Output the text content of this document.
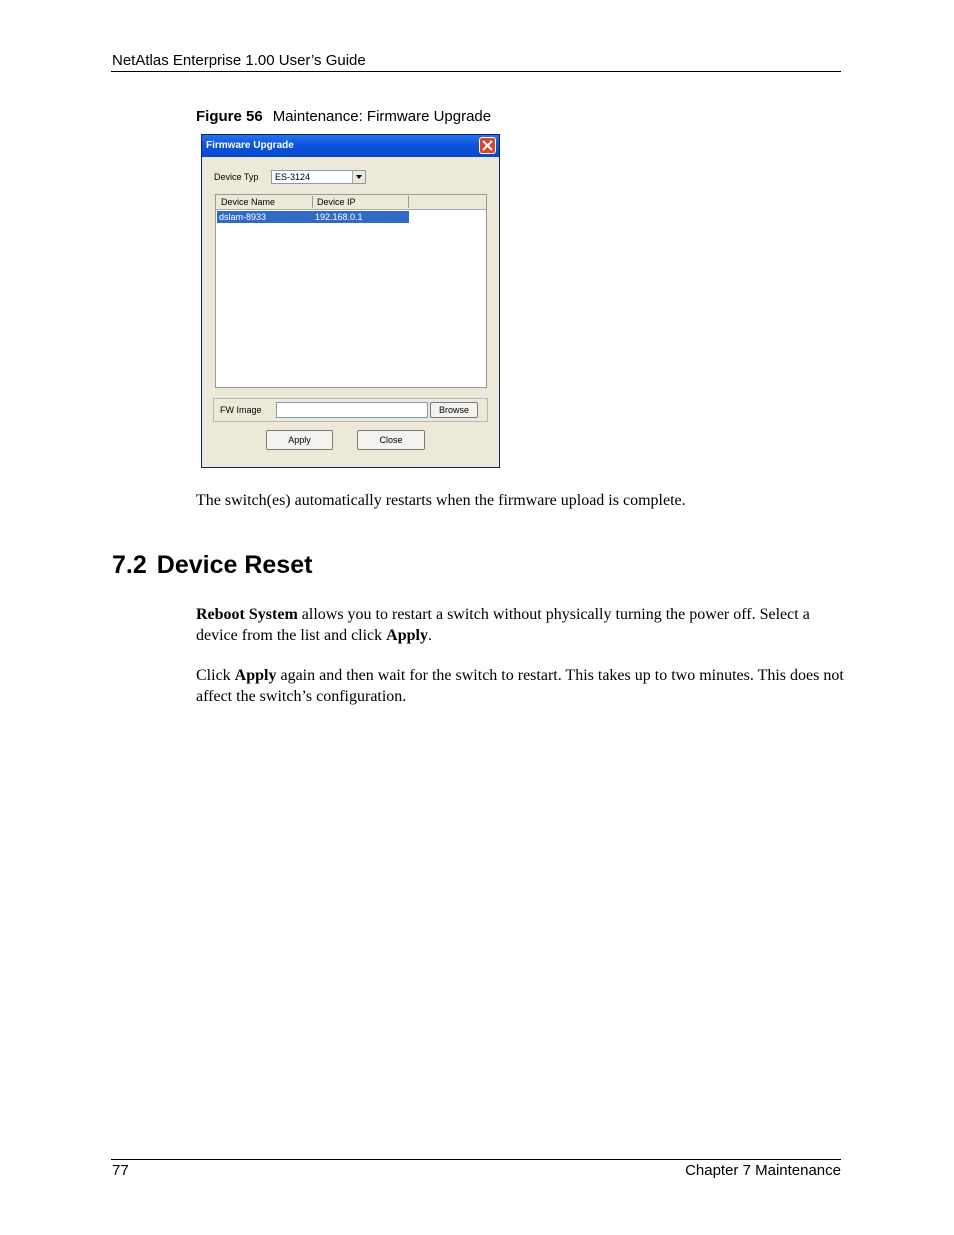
NetAtlas Enterprise 1.00 User’s Guide
Figure 56 Maintenance: Firmware Upgrade
Firmware Upgrade
Device Typ ES-3124
Device Name	Device IP
dslam-8933	192.168.0.1
FW Image	Browse
Apply	Close
The switch(es) automatically restarts when the firmware upload is complete.
7.2 Device Reset
Reboot System allows you to restart a switch without physically turning the power off. Select a device from the list and click Apply.
Click Apply again and then wait for the switch to restart. This takes up to two minutes. This does not affect the switch’s configuration.
77	Chapter 7 Maintenance
